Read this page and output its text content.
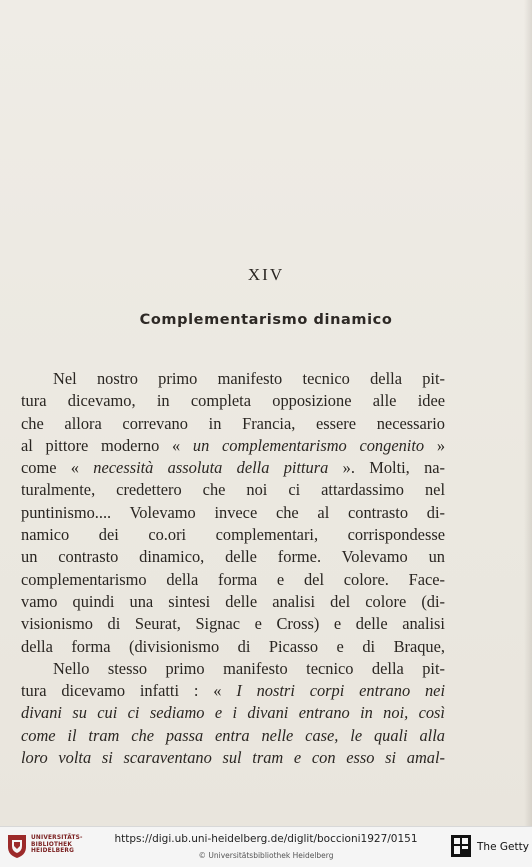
XIV
Complementarismo dinamico
Nel nostro primo manifesto tecnico della pit-
tura dicevamo, in completa opposizione alle idee
che allora correvano in Francia, essere necessario
al pittore moderno « un complementarismo congenito »
come « necessità assoluta della pittura ». Molti, na-
turalmente, credettero che noi ci attardassimo nel
puntinismo.... Volevamo invece che al contrasto di-
namico dei co.ori complementari, corrispondesse
un contrasto dinamico, delle forme. Volevamo un
complementarismo della forma e del colore. Face-
vamo quindi una sintesi delle analisi del colore (di-
visionismo di Seurat, Signac e Cross) e delle analisi
della forma (divisionismo di Picasso e di Braque,
Nello stesso primo manifesto tecnico della pit-
tura dicevamo infatti : « I nostri corpi entrano nei
divani su cui ci sediamo e i divani entrano in noi, così
come il tram che passa entra nelle case, le quali alla
loro volta si scaraventano sul tram e con esso si amal-
UNIVERSITÄTS-
BIBLIOTHEK
HEIDELBERG
https://digi.ub.uni-heidelberg.de/diglit/boccioni1927/0151
© Universitätsbibliothek Heidelberg
The Getty
